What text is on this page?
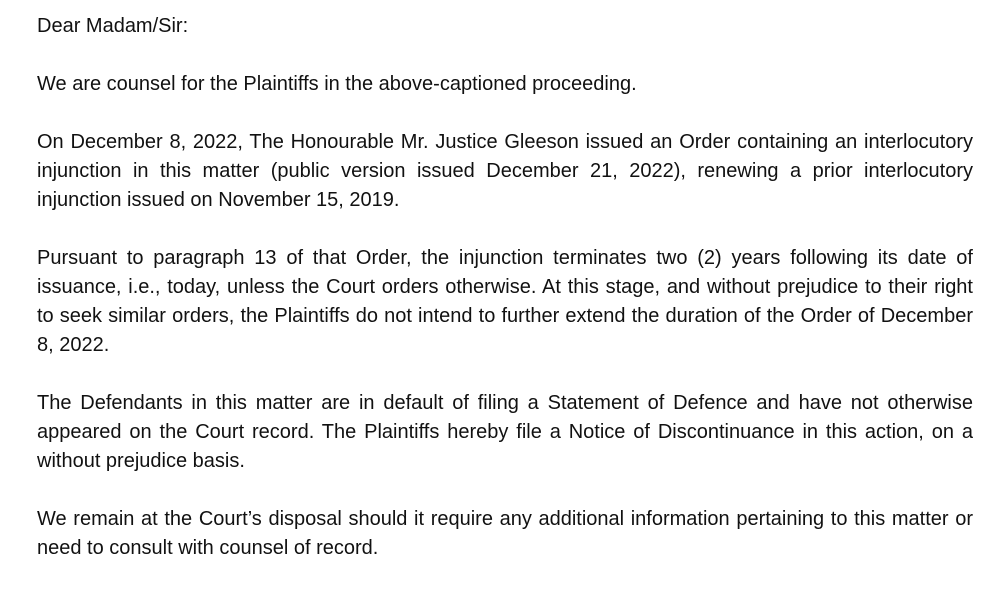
Dear Madam/Sir:

We are counsel for the Plaintiffs in the above-captioned proceeding.

On December 8, 2022, The Honourable Mr. Justice Gleeson issued an Order containing an interlocutory injunction in this matter (public version issued December 21, 2022), renewing a prior interlocutory injunction issued on November 15, 2019.

Pursuant to paragraph 13 of that Order, the injunction terminates two (2) years following its date of issuance, i.e., today, unless the Court orders otherwise. At this stage, and without prejudice to their right to seek similar orders, the Plaintiffs do not intend to further extend the duration of the Order of December 8, 2022.

The Defendants in this matter are in default of filing a Statement of Defence and have not otherwise appeared on the Court record. The Plaintiffs hereby file a Notice of Discontinuance in this action, on a without prejudice basis.

We remain at the Court’s disposal should it require any additional information pertaining to this matter or need to consult with counsel of record.
